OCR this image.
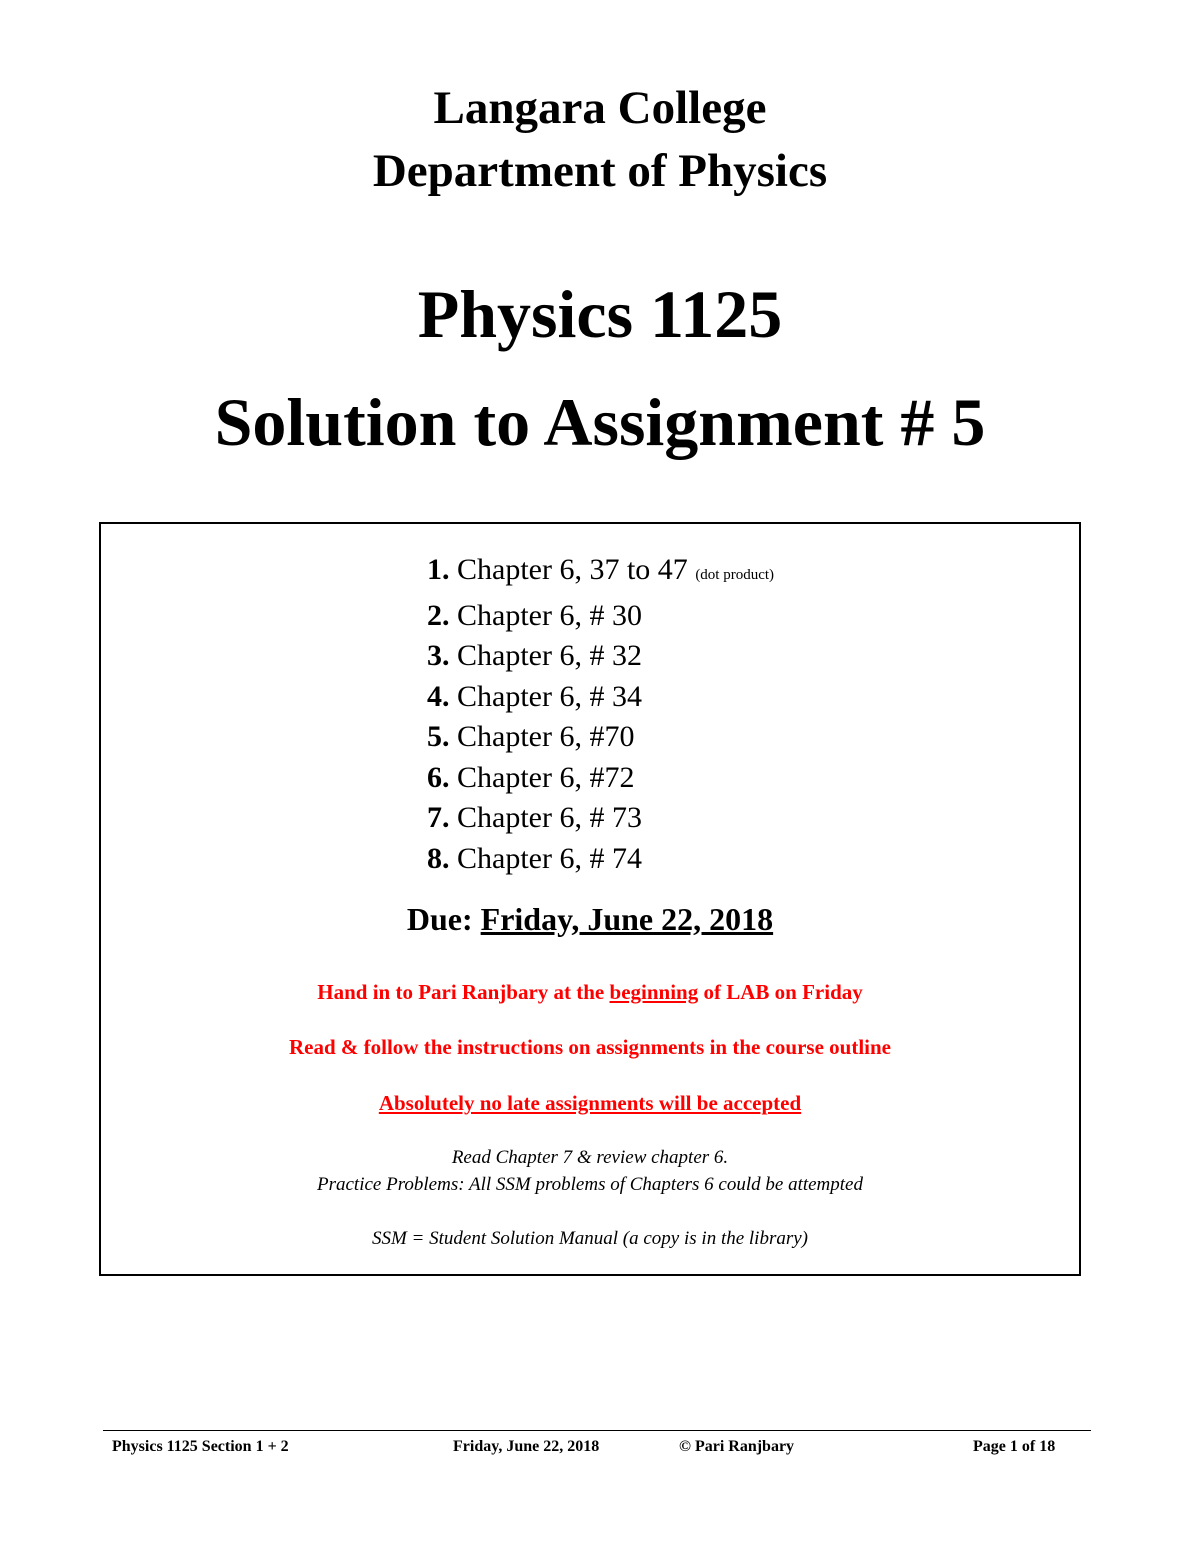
Langara College
Department of Physics
Physics 1125
Solution to Assignment # 5
1. Chapter 6, 37 to 47 (dot product)
2. Chapter 6, # 30
3. Chapter 6, # 32
4. Chapter 6, # 34
5. Chapter 6, #70
6. Chapter 6, #72
7. Chapter 6, # 73
8. Chapter 6, # 74
Due: Friday, June 22, 2018
Hand in to Pari Ranjbary at the beginning of LAB on Friday
Read & follow the instructions on assignments in the course outline
Absolutely no late assignments will be accepted
Read Chapter 7 & review chapter 6.
Practice Problems: All SSM problems of Chapters 6 could be attempted
SSM = Student Solution Manual (a copy is in the library)
Physics 1125 Section 1 + 2	Friday, June 22, 2018	© Pari Ranjbary	Page 1 of 18
